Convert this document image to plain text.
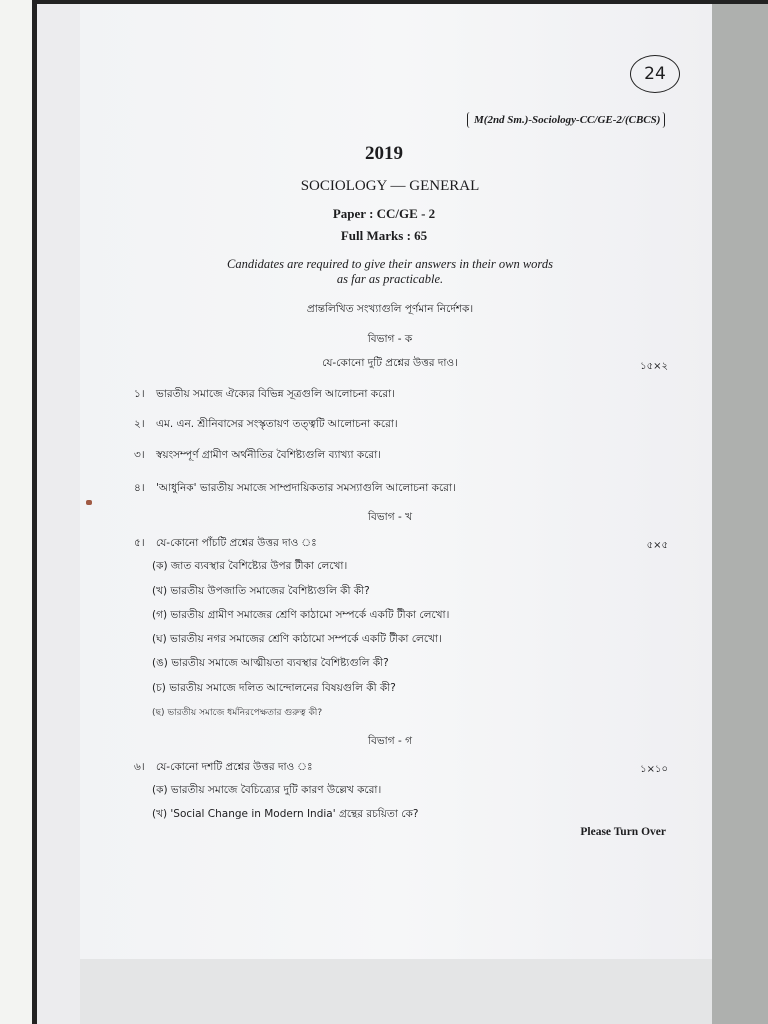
24
M(2nd Sm.)-Sociology-CC/GE-2/(CBCS)
2019
SOCIOLOGY — GENERAL
Paper : CC/GE - 2
Full Marks : 65
Candidates are required to give their answers in their own words
as far as practicable.
প্রান্তলিখিত সংখ্যাগুলি পূর্ণমান নির্দেশক।
বিভাগ - ক
যে-কোনো দুটি প্রশ্নের উত্তর দাও।	১৫×২
১।	ভারতীয় সমাজে ঐক্যের বিভিন্ন সূত্রগুলি আলোচনা করো।
২।	এম. এন. শ্রীনিবাসের সংস্কৃতায়ণ তত্ত্বটি আলোচনা করো।
৩।	স্বয়ংসম্পূর্ণ গ্রামীণ অর্থনীতির বৈশিষ্ট্যগুলি ব্যাখ্যা করো।
৪।	'আধুনিক' ভারতীয় সমাজে সাম্প্রদায়িকতার সমস্যাগুলি আলোচনা করো।
বিভাগ - খ
৫।	যে-কোনো পাঁচটি প্রশ্নের উত্তর দাও ঃ	৫×৫
(ক) জাত ব্যবস্থার বৈশিষ্ট্যের উপর টীকা লেখো।
(খ) ভারতীয় উপজাতি সমাজের বৈশিষ্ট্যগুলি কী কী?
(গ) ভারতীয় গ্রামীণ সমাজের শ্রেণি কাঠামো সম্পর্কে একটি টীকা লেখো।
(ঘ) ভারতীয় নগর সমাজের শ্রেণি কাঠামো সম্পর্কে একটি টীকা লেখো।
(ঙ) ভারতীয় সমাজে আত্মীয়তা ব্যবস্থার বৈশিষ্ট্যগুলি কী?
(চ) ভারতীয় সমাজে দলিত আন্দোলনের বিষয়গুলি কী কী?
(ছ) ভারতীয় সমাজে ধর্মনিরপেক্ষতার গুরুত্ব কী?
বিভাগ - গ
৬।	যে-কোনো দশটি প্রশ্নের উত্তর দাও ঃ	১×১০
(ক) ভারতীয় সমাজে বৈচিত্র্যের দুটি কারণ উল্লেখ করো।
(খ) 'Social Change in Modern India' গ্রন্থের রচয়িতা কে?
Please Turn Over
